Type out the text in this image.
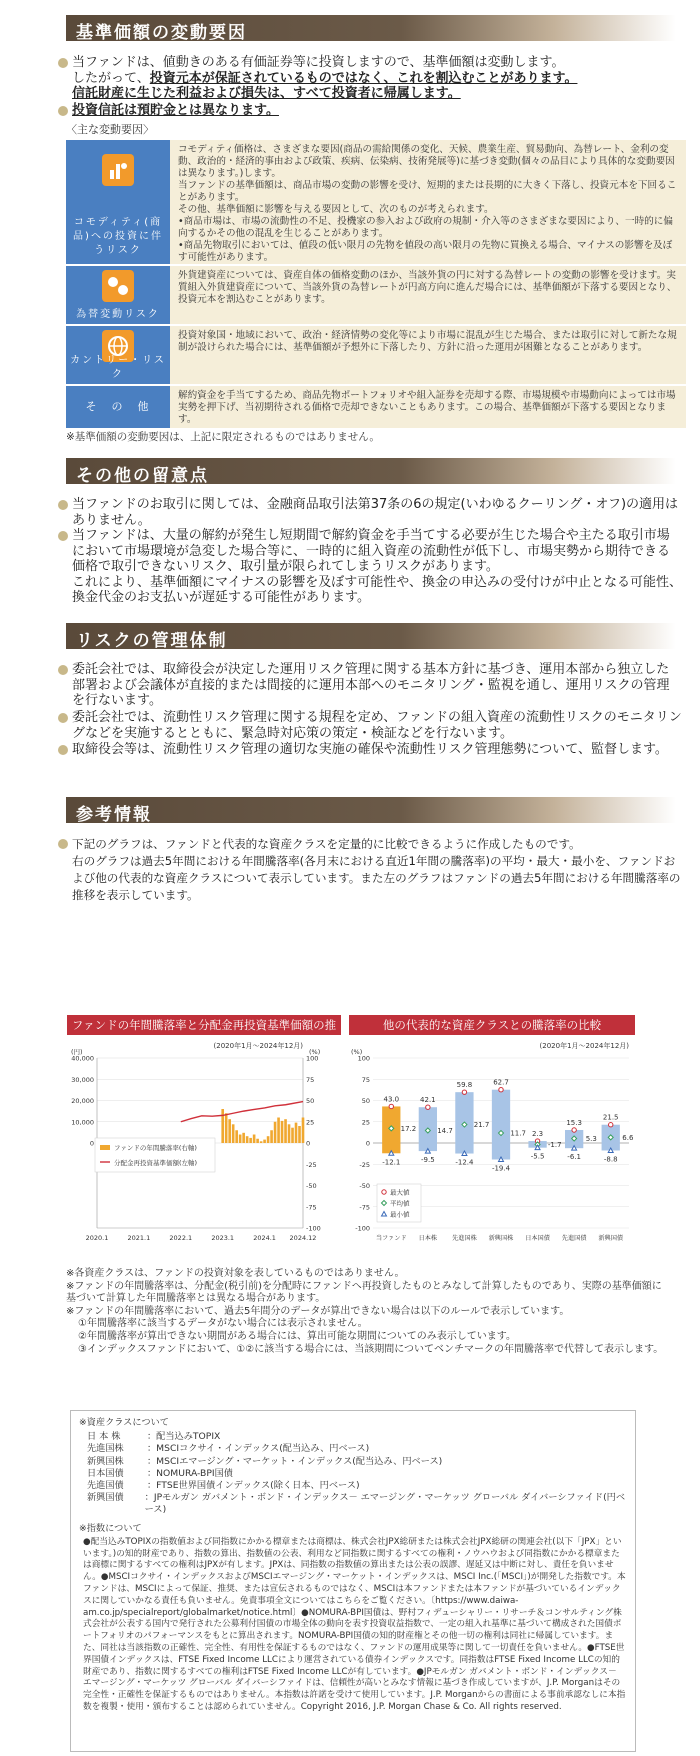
基準価額の変動要因
当ファンドは、値動きのある有価証券等に投資しますので、基準価額は変動します。
したがって、投資元本が保証されているものではなく、これを割込むことがあります。
信託財産に生じた利益および損失は、すべて投資者に帰属します。
投資信託は預貯金とは異なります。
〈主な変動要因〉
コモディティ(商品)への投資に伴うリスク
コモディティ価格は、さまざまな要因(商品の需給関係の変化、天候、農業生産、貿易動向、為替レート、金利の変動、政治的・経済的事由および政策、疾病、伝染病、技術発展等)に基づき変動(個々の品目により具体的な変動要因は異なります。)します。
当ファンドの基準価額は、商品市場の変動の影響を受け、短期的または長期的に大きく下落し、投資元本を下回ることがあります。
その他、基準価額に影響を与える要因として、次のものが考えられます。
•商品市場は、市場の流動性の不足、投機家の参入および政府の規制・介入等のさまざまな要因により、一時的に偏向するかその他の混乱を生じることがあります。
•商品先物取引においては、値段の低い限月の先物を値段の高い限月の先物に買換える場合、マイナスの影響を及ぼす可能性があります。
為替変動リスク
外貨建資産については、資産自体の価格変動のほか、当該外貨の円に対する為替レートの変動の影響を受けます。実質組入外貨建資産について、当該外貨の為替レートが円高方向に進んだ場合には、基準価額が下落する要因となり、投資元本を割込むことがあります。
カントリー・リスク
投資対象国・地域において、政治・経済情勢の変化等により市場に混乱が生じた場合、または取引に対して新たな規制が設けられた場合には、基準価額が予想外に下落したり、方針に沿った運用が困難となることがあります。
そ　の　他
解約資金を手当てするため、商品先物ポートフォリオや組入証券を売却する際、市場規模や市場動向によっては市場実勢を押下げ、当初期待される価格で売却できないこともあります。この場合、基準価額が下落する要因となります。
※基準価額の変動要因は、上記に限定されるものではありません。
その他の留意点
当ファンドのお取引に関しては、金融商品取引法第37条の6の規定(いわゆるクーリング・オフ)の適用はありません。
当ファンドは、大量の解約が発生し短期間で解約資金を手当てする必要が生じた場合や主たる取引市場において市場環境が急変した場合等に、一時的に組入資産の流動性が低下し、市場実勢から期待できる価格で取引できないリスク、取引量が限られてしまうリスクがあります。
これにより、基準価額にマイナスの影響を及ぼす可能性や、換金の申込みの受付けが中止となる可能性、換金代金のお支払いが遅延する可能性があります。
リスクの管理体制
委託会社では、取締役会が決定した運用リスク管理に関する基本方針に基づき、運用本部から独立した部署および会議体が直接的または間接的に運用本部へのモニタリング・監視を通し、運用リスクの管理を行ないます。
委託会社では、流動性リスク管理に関する規程を定め、ファンドの組入資産の流動性リスクのモニタリングなどを実施するとともに、緊急時対応策の策定・検証などを行ないます。
取締役会等は、流動性リスク管理の適切な実施の確保や流動性リスク管理態勢について、監督します。
参考情報
下記のグラフは、ファンドと代表的な資産クラスを定量的に比較できるように作成したものです。
右のグラフは過去5年間における年間騰落率(各月末における直近1年間の騰落率)の平均・最大・最小を、ファンドおよび他の代表的な資産クラスについて表示しています。また左のグラフはファンドの過去5年間における年間騰落率の推移を表示しています。
ファンドの年間騰落率と分配金再投資基準価額の推	他の代表的な資産クラスとの騰落率の比較
(2020年1月～2024年12月)
(円)	(%)
40,000
30,000
20,000
10,000
0
100
75
50
25
0
-25
-50
-75
-100
2020.1	2021.1	2022.1	2023.1	2024.1 2024.12
ファンドの年間騰落率(右軸)
分配金再投資基準価額(左軸)
(2020年1月～2024年12月)
(%)
100
75
50
25
0
-25
-50
-75
-100
43.0
17.2
-12.1
当ファンド
42.1
14.7
-9.5
日本株
59.8
21.7
-12.4
先進国株
62.7
11.7
-19.4
新興国株
2.3
-1.7
-5.5
日本国債
15.3
5.3
-6.1
先進国債
21.5
6.6
-8.8
新興国債
最大値
平均値
最小値
※各資産クラスは、ファンドの投資対象を表しているものではありません。
※ファンドの年間騰落率は、分配金(税引前)を分配時にファンドへ再投資したものとみなして計算したものであり、実際の基準価額に基づいて計算した年間騰落率とは異なる場合があります。
※ファンドの年間騰落率において、過去5年間分のデータが算出できない場合は以下のルールで表示しています。
①年間騰落率に該当するデータがない場合には表示されません。
②年間騰落率が算出できない期間がある場合には、算出可能な期間についてのみ表示しています。
③インデックスファンドにおいて、①②に該当する場合には、当該期間についてベンチマークの年間騰落率で代替して表示します。
※資産クラスについて
日 本 株	：配当込みTOPIX
先進国株	：MSCIコクサイ・インデックス(配当込み、円ベース)
新興国株	：MSCIエマージング・マーケット・インデックス(配当込み、円ベース)
日本国債	：NOMURA-BPI国債
先進国債	：FTSE世界国債インデックス(除く日本、円ベース)
新興国債	：JPモルガン ガバメント・ボンド・インデックス－ エマージング・マーケッツ グローバル ダイバーシファイド(円ベース)
※指数について
●配当込みTOPIXの指数値および同指数にかかる標章または商標は、株式会社JPX総研または株式会社JPX総研の関連会社(以下「JPX」といいます。)の知的財産であり、指数の算出、指数値の公表、利用など同指数に関するすべての権利・ノウハウおよび同指数にかかる標章または商標に関するすべての権利はJPXが有します。JPXは、同指数の指数値の算出または公表の誤謬、遅延又は中断に対し、責任を負いません。●MSCIコクサイ・インデックスおよびMSCIエマージング・マーケット・インデックスは、MSCI Inc.(「MSCI」)が開発した指数です。本ファンドは、MSCIによって保証、推奨、または宣伝されるものではなく、MSCIは本ファンドまたは本ファンドが基づいているインデックスに関していかなる責任も負いません。免責事項全文についてはこちらをご覧ください。〔https://www.daiwa-am.co.jp/specialreport/globalmarket/notice.html〕●NOMURA-BPI国債は、野村フィデューシャリー・リサーチ＆コンサルティング株式会社が公表する国内で発行された公募利付国債の市場全体の動向を表す投資収益指数で、一定の組入れ基準に基づいて構成された国債ポートフォリオのパフォーマンスをもとに算出されます。NOMURA-BPI国債の知的財産権とその他一切の権利は同社に帰属しています。また、同社は当該指数の正確性、完全性、有用性を保証するものではなく、ファンドの運用成果等に関して一切責任を負いません。●FTSE世界国債インデックスは、FTSE Fixed Income LLCにより運営されている債券インデックスです。同指数はFTSE Fixed Income LLCの知的財産であり、指数に関するすべての権利はFTSE Fixed Income LLCが有しています。●JPモルガン ガバメント・ボンド・インデックス－ エマージング・マーケッツ グローバル ダイバーシファイドは、信頼性が高いとみなす情報に基づき作成していますが、J.P. Morganはその完全性・正確性を保証するものではありません。本指数は許諾を受けて使用しています。J.P. Morganからの書面による事前承認なしに本指数を複製・使用・頒布することは認められていません。Copyright 2016, J.P. Morgan Chase & Co. All rights reserved.
